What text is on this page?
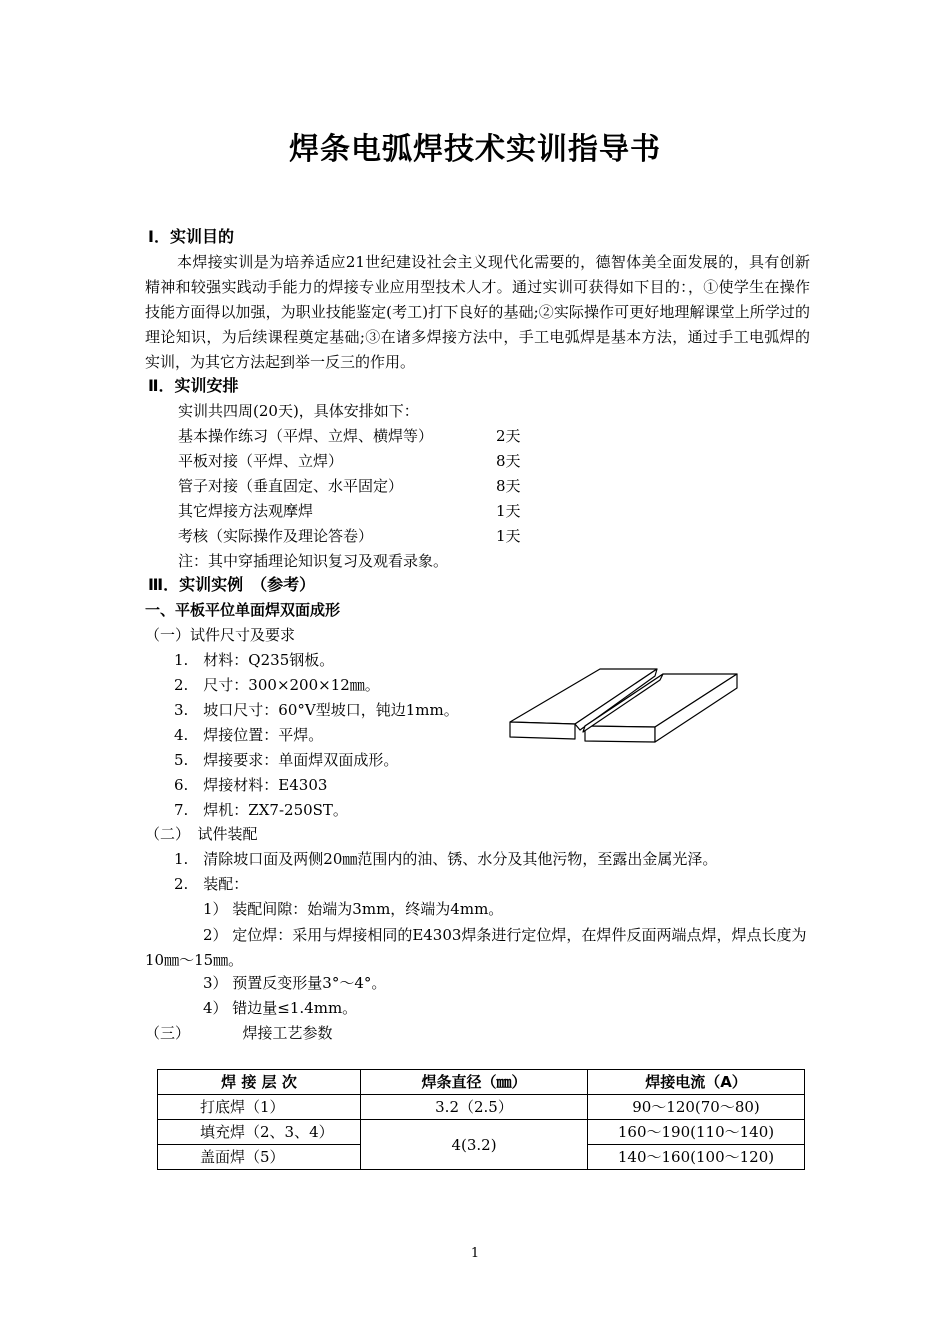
焊条电弧焊技术实训指导书
Ⅰ．实训目的
本焊接实训是为培养适应21世纪建设社会主义现代化需要的，德智体美全面发展的，具有创新精神和较强实践动手能力的焊接专业应用型技术人才。通过实训可获得如下目的：，①使学生在操作技能方面得以加强，为职业技能鉴定(考工)打下良好的基础;②实际操作可更好地理解课堂上所学过的理论知识，为后续课程奠定基础;③在诸多焊接方法中，手工电弧焊是基本方法，通过手工电弧焊的实训，为其它方法起到举一反三的作用。
Ⅱ．实训安排
实训共四周(20天)，具体安排如下：
基本操作练习（平焊、立焊、横焊等）	2天
平板对接（平焊、立焊）	8天
管子对接（垂直固定、水平固定）	8天
其它焊接方法观摩焊	1天
考核（实际操作及理论答卷）	1天
注：其中穿插理论知识复习及观看录象。
Ⅲ．实训实例　（参考）
一、平板平位单面焊双面成形
（一）试件尺寸及要求
1.　材料：Q235钢板。
2.　尺寸：300×200×12㎜。
3.　坡口尺寸：60°V型坡口，钝边1mm。
4.　焊接位置：平焊。
5.　焊接要求：单面焊双面成形。
6.　焊接材料：E4303
7.　焊机：ZX7-250ST。
（二）　试件装配
1.　清除坡口面及两侧20㎜范围内的油、锈、水分及其他污物，至露出金属光泽。
2.　装配：
1） 装配间隙：始端为3mm，终端为4mm。
2） 定位焊：采用与焊接相同的E4303焊条进行定位焊，在焊件反面两端点焊，焊点长度为10㎜～15㎜。
3） 预置反变形量3°～4°。
4） 错边量≤1.4mm。
（三）　　　　焊接工艺参数
焊 接 层 次	焊条直径（㎜）	焊接电流（A）
打底焊（1）	3.2（2.5）	90～120(70～80)
填充焊（2、3、4）	4(3.2)	160～190(110～140)
盖面焊（5）		140～160(100～120)
1
